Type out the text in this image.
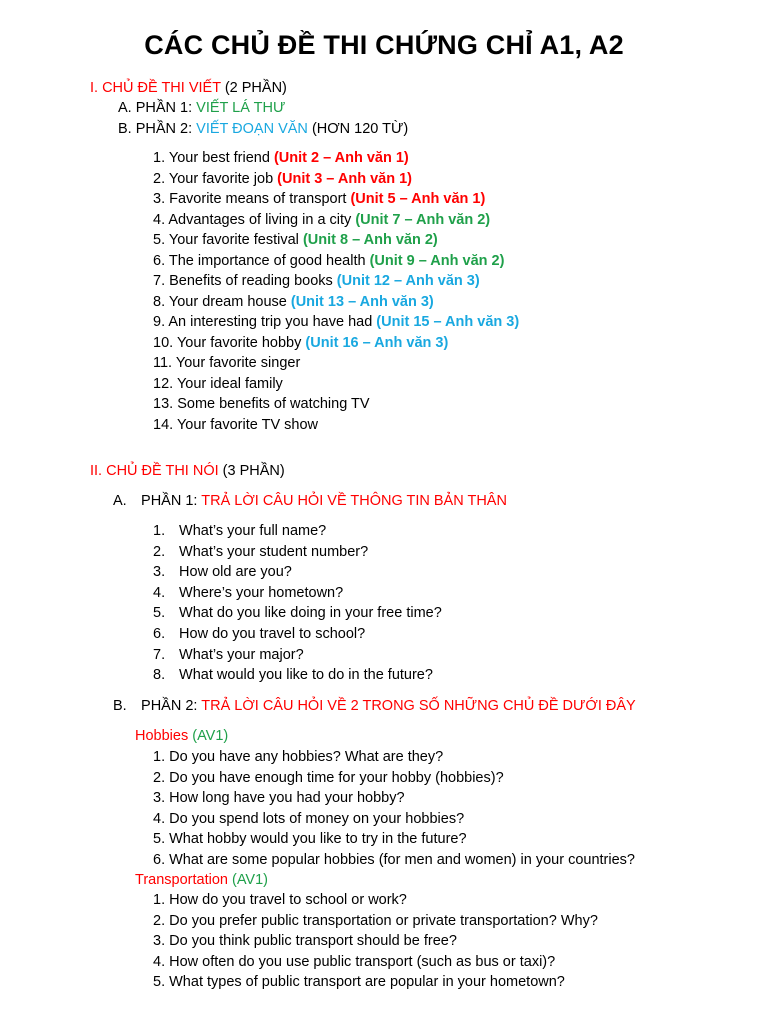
CÁC CHỦ ĐỀ THI CHỨNG CHỈ A1, A2
I. CHỦ ĐỀ THI VIẾT (2 PHẦN)
A. PHẦN 1: VIẾT LÁ THƯ
B. PHẦN 2: VIẾT ĐOẠN VĂN (HƠN 120 TỪ)
1. Your best friend (Unit 2 – Anh văn 1)
2. Your favorite job (Unit 3 – Anh văn 1)
3. Favorite means of transport (Unit 5 – Anh văn 1)
4. Advantages of living in a city (Unit 7 – Anh văn 2)
5. Your favorite festival (Unit 8 – Anh văn 2)
6. The importance of good health (Unit 9 – Anh văn 2)
7. Benefits of reading books (Unit 12 – Anh văn 3)
8. Your dream house (Unit 13 – Anh văn 3)
9. An interesting trip you have had (Unit 15 – Anh văn 3)
10. Your favorite hobby (Unit 16 – Anh văn 3)
11. Your favorite singer
12. Your ideal family
13. Some benefits of watching TV
14. Your favorite TV show
II. CHỦ ĐỀ THI NÓI (3 PHẦN)
A. PHẦN 1: TRẢ LỜI CÂU HỎI VỀ THÔNG TIN BẢN THÂN
1. What’s your full name?
2. What’s your student number?
3. How old are you?
4. Where’s your hometown?
5. What do you like doing in your free time?
6. How do you travel to school?
7. What’s your major?
8. What would you like to do in the future?
B. PHẦN 2: TRẢ LỜI CÂU HỎI VỀ 2 TRONG SỐ NHỮNG CHỦ ĐỀ DƯỚI ĐÂY
Hobbies (AV1)
1. Do you have any hobbies? What are they?
2. Do you have enough time for your hobby (hobbies)?
3. How long have you had your hobby?
4. Do you spend lots of money on your hobbies?
5. What hobby would you like to try in the future?
6. What are some popular hobbies (for men and women) in your countries?
Transportation (AV1)
1. How do you travel to school or work?
2. Do you prefer public transportation or private transportation? Why?
3. Do you think public transport should be free?
4. How often do you use public transport (such as bus or taxi)?
5. What types of public transport are popular in your hometown?
